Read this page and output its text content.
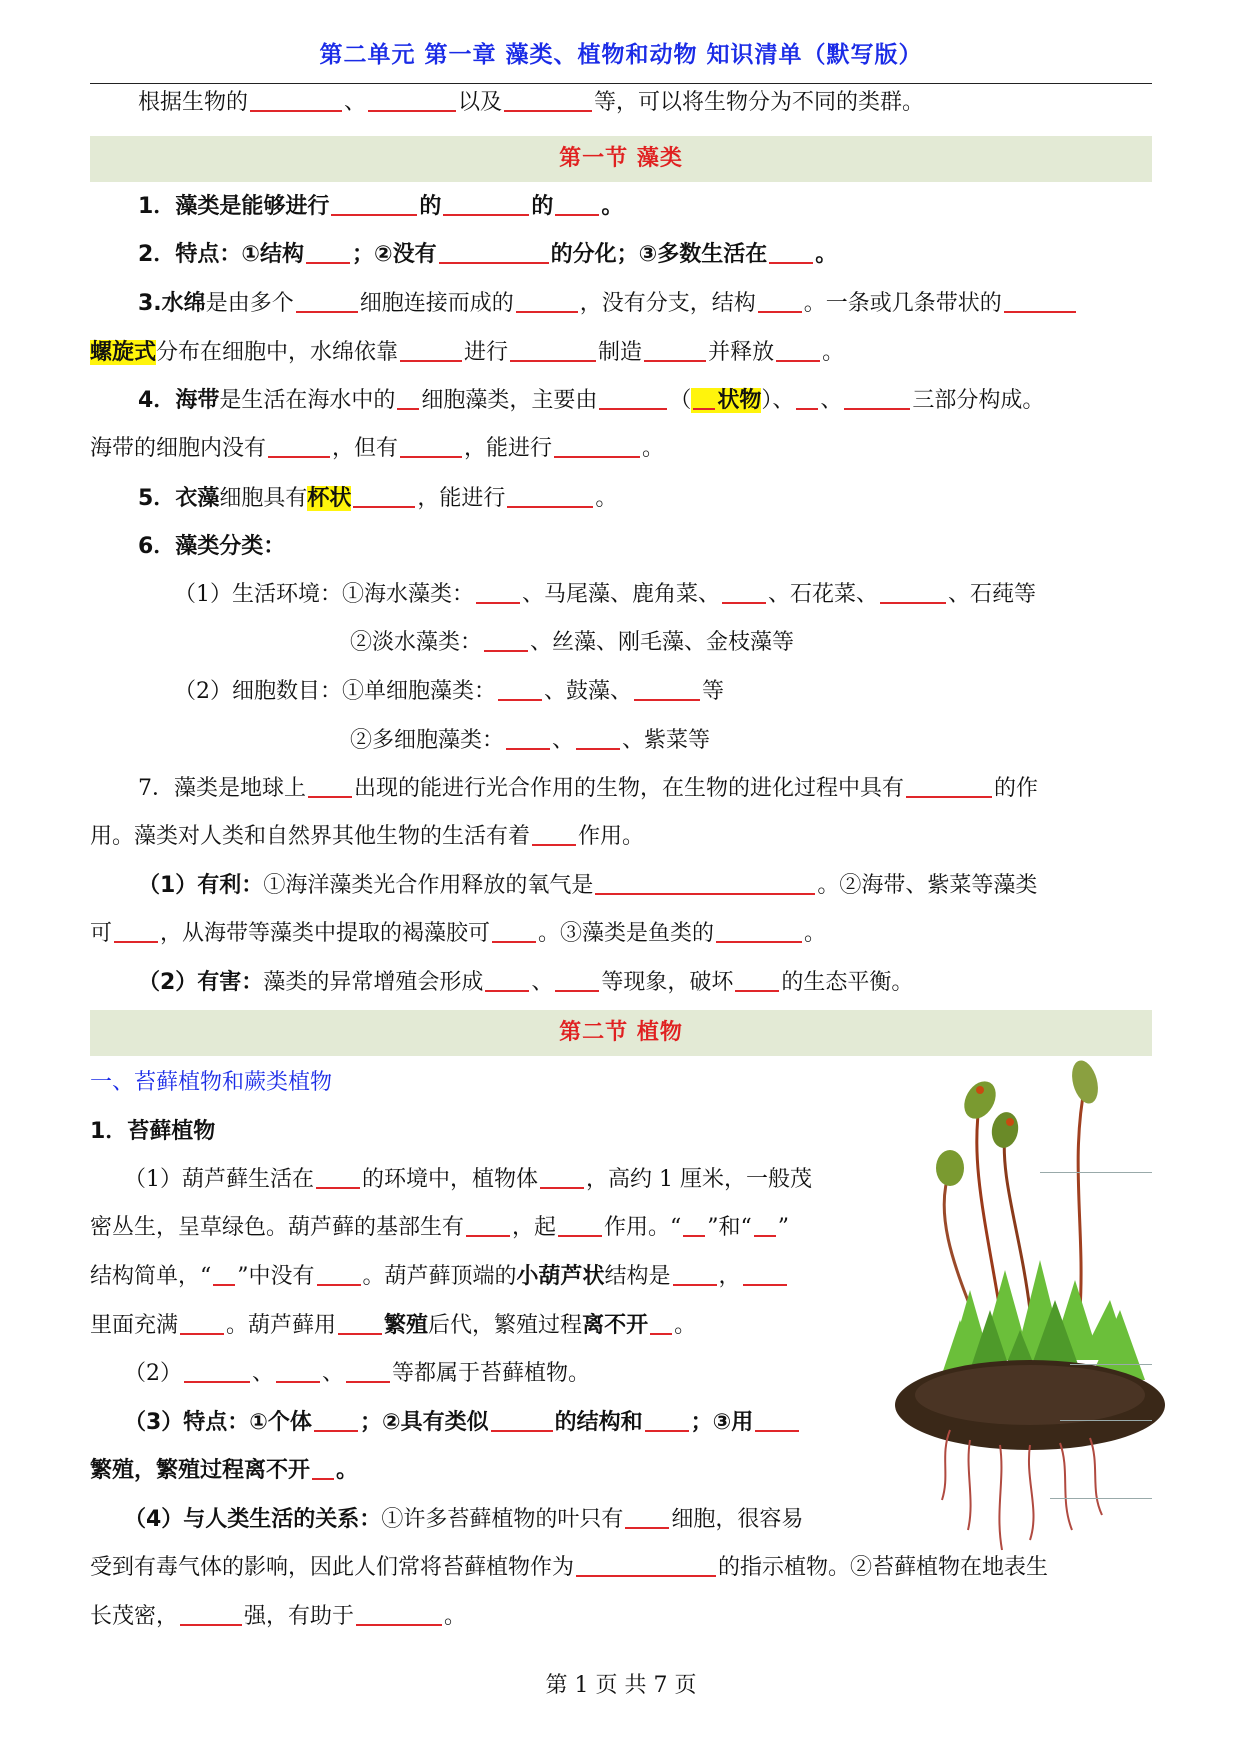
第二单元 第一章 藻类、植物和动物 知识清单（默写版）
根据生物的	、	以及	等，可以将生物分为不同的类群。
第一节 藻类
1．藻类是能够进行	的	的 。
2．特点：①结构 ；②没有	的分化；③多数生活在 。
3.水绵是由多个	细胞连接而成的	，没有分支，结构 。一条或几条带状的
螺旋式分布在细胞中，水绵依靠	进行	制造	并释放 。
4．海带是生活在海水中的 细胞藻类，主要由	（ 状物）、 、	三部分构成。
海带的细胞内没有	，但有	，能进行	。
5．衣藻细胞具有杯状	，能进行	。
6．藻类分类：
（1）生活环境：①海水藻类： 、马尾藻、鹿角菜、 、石花菜、	、石莼等
②淡水藻类： 、丝藻、刚毛藻、金枝藻等
（2）细胞数目：①单细胞藻类： 、鼓藻、	等
②多细胞藻类： 、 、紫菜等
7．藻类是地球上 出现的能进行光合作用的生物，在生物的进化过程中具有	的作
用。藻类对人类和自然界其他生物的生活有着 作用。
（1）有利：①海洋藻类光合作用释放的氧气是	。②海带、紫菜等藻类
可 ，从海带等藻类中提取的褐藻胶可 。③藻类是鱼类的	。
（2）有害：藻类的异常增殖会形成 、 等现象，破坏 的生态平衡。
第二节 植物
一、苔藓植物和蕨类植物
1．苔藓植物
（1）葫芦藓生活在 的环境中，植物体 ，高约 1 厘米，一般茂
密丛生，呈草绿色。葫芦藓的基部生有 ，起 作用。“ ”和“ ”
结构简单，“ ”中没有 。葫芦藓顶端的小葫芦状结构是 ，
里面充满 。葫芦藓用 繁殖后代，繁殖过程离不开 。
（2）	、 、 等都属于苔藓植物。
（3）特点：①个体 ；②具有类似	的结构和 ；③用
繁殖，繁殖过程离不开 。
（4）与人类生活的关系：①许多苔藓植物的叶只有 细胞，很容易
受到有毒气体的影响，因此人们常将苔藓植物作为	的指示植物。②苔藓植物在地表生
长茂密，	强，有助于	。
第 1 页 共 7 页
